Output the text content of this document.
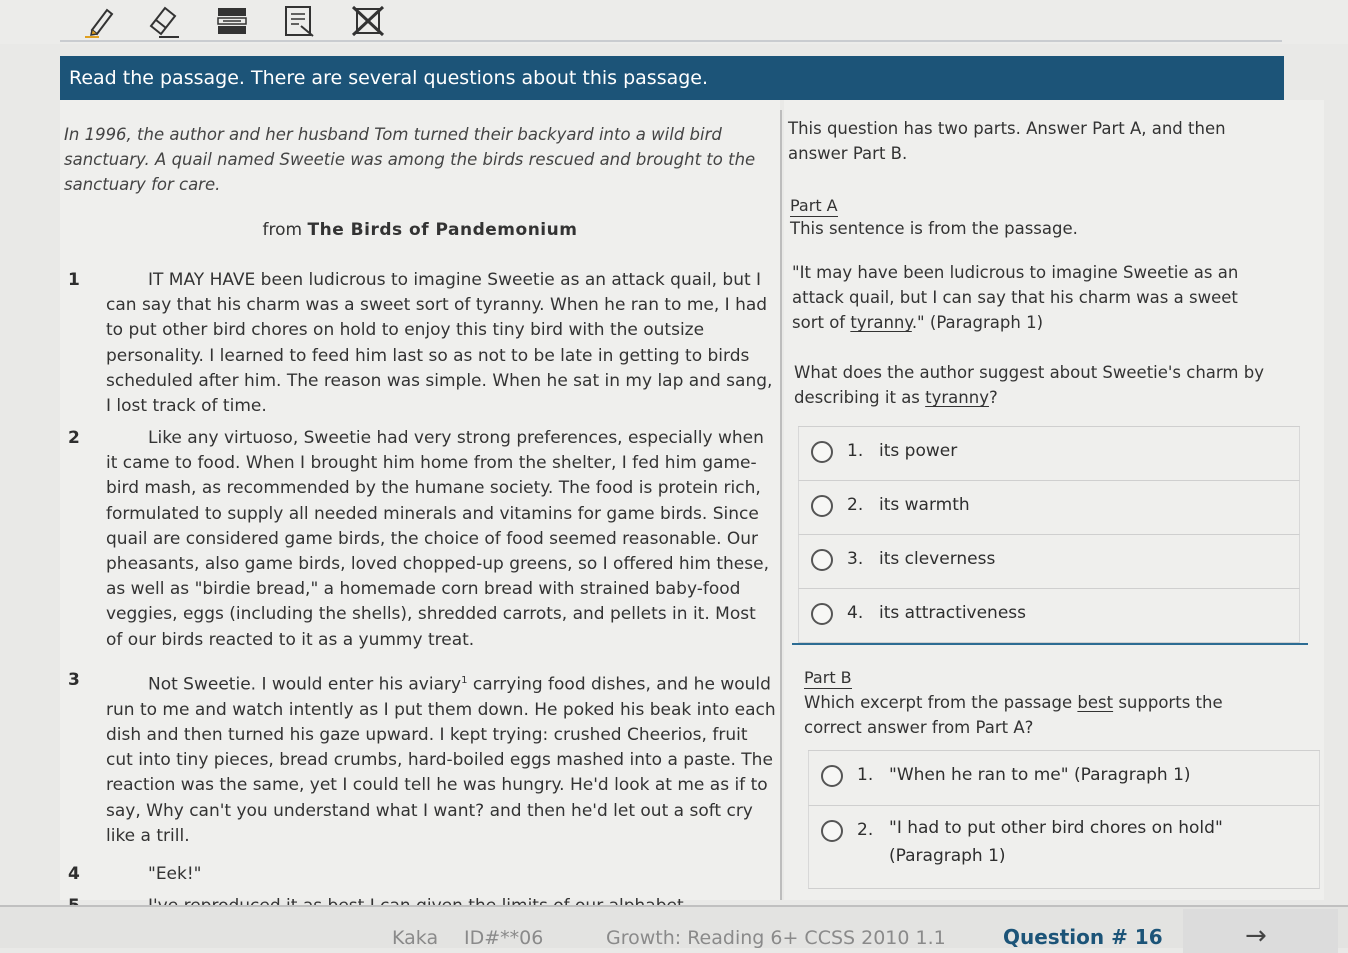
Read the passage. There are several questions about this passage.
In 1996, the author and her husband Tom turned their backyard into a wild bird sanctuary. A quail named Sweetie was among the birds rescued and brought to the sanctuary for care.
from The Birds of Pandemonium
1	IT MAY HAVE been ludicrous to imagine Sweetie as an attack quail, but I can say that his charm was a sweet sort of tyranny. When he ran to me, I had to put other bird chores on hold to enjoy this tiny bird with the outsize personality. I learned to feed him last so as not to be late in getting to birds scheduled after him. The reason was simple. When he sat in my lap and sang, I lost track of time.
2	Like any virtuoso, Sweetie had very strong preferences, especially when it came to food. When I brought him home from the shelter, I fed him game-bird mash, as recommended by the humane society. The food is protein rich, formulated to supply all needed minerals and vitamins for game birds. Since quail are considered game birds, the choice of food seemed reasonable. Our pheasants, also game birds, loved chopped-up greens, so I offered him these, as well as "birdie bread," a homemade corn bread with strained baby-food veggies, eggs (including the shells), shredded carrots, and pellets in it. Most of our birds reacted to it as a yummy treat.
3	Not Sweetie. I would enter his aviary$^1$ carrying food dishes, and he would run to me and watch intently as I put them down. He poked his beak into each dish and then turned his gaze upward. I kept trying: crushed Cheerios, fruit cut into tiny pieces, bread crumbs, hard-boiled eggs mashed into a paste. The reaction was the same, yet I could tell he was hungry. He'd look at me as if to say, Why can't you understand what I want? and then he'd let out a soft cry like a trill.
4	"Eek!"
This question has two parts. Answer Part A, and then answer Part B.
Part A
This sentence is from the passage.
"It may have been ludicrous to imagine Sweetie as an attack quail, but I can say that his charm was a sweet sort of tyranny." (Paragraph 1)
What does the author suggest about Sweetie's charm by describing it as tyranny?
1. its power
2. its warmth
3. its cleverness
4. its attractiveness
Part B
Which excerpt from the passage best supports the correct answer from Part A?
1. "When he ran to me" (Paragraph 1)
2. "I had to put other bird chores on hold" (Paragraph 1)
Kaka ID#**06	Growth: Reading 6+ CCSS 2010 1.1	Question # 16	→
